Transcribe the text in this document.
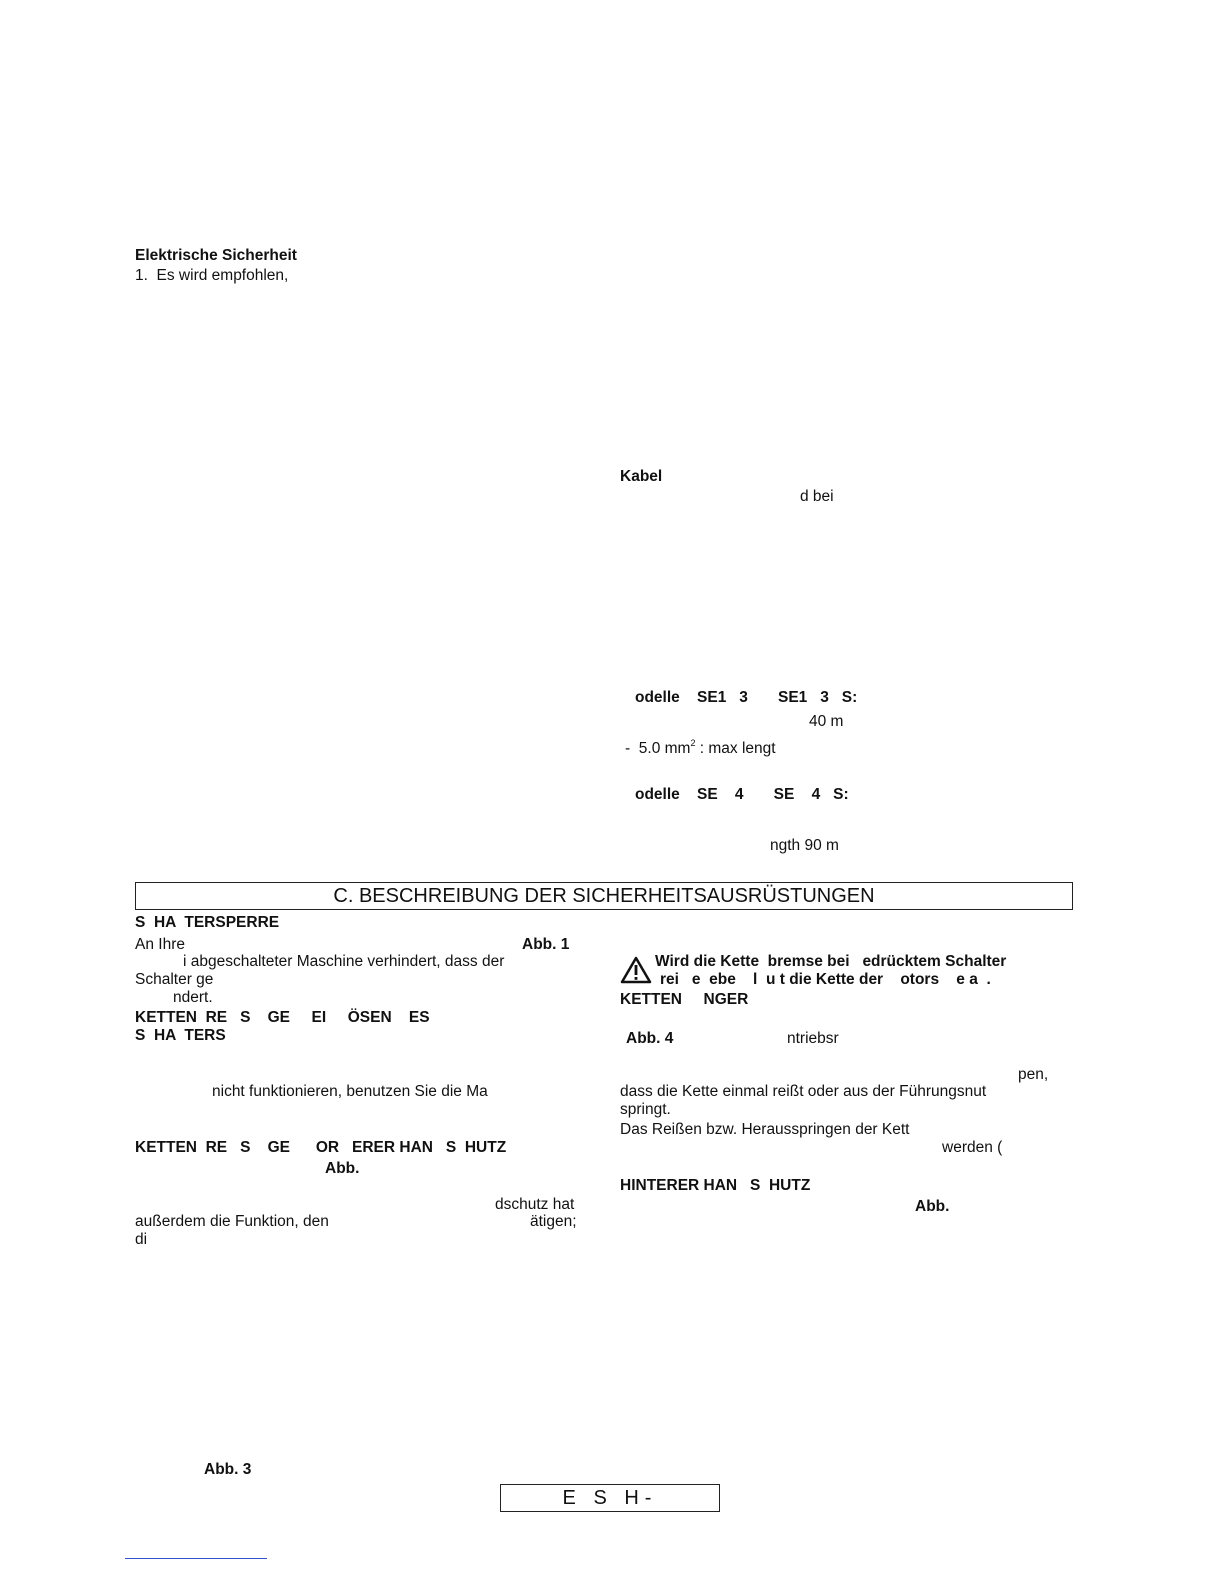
Elektrische Sicherheit
1.  Es wird empfohlen,
Kabel
d bei
odelle    SE1   3       SE1   3   S:
40 m
-  5.0 $mm^2$ : max lengt
odelle    SE    4       SE    4   S:
ngth 90 m
C. BESCHREIBUNG DER SICHERHEITSAUSRÜSTUNGEN
S  HA  TERSPERRE
An Ihre	Abb. 1
i abgeschalteter Maschine verhindert, dass der
Schalter ge
ndert.
KETTEN  RE   S    GE     EI     ÖSEN    ES
S  HA  TERS
nicht funktionieren, benutzen Sie die Ma
KETTEN  RE   S    GE      OR   ERER HAN   S  HUTZ
Abb.
dschutz hat
außerdem die Funktion, den	ätigen;
di
Abb. 3
Wird die Kette  bremse bei   edrücktem Schalter
rei   e  ebe    l  u t die Kette der    otors    e a  .
KETTEN     NGER
Abb. 4	ntriebsr
pen,
dass die Kette einmal reißt oder aus der Führungsnut
springt.
Das Reißen bzw. Herausspringen der Kett
werden (
HINTERER HAN   S  HUTZ
Abb.
E S H-
